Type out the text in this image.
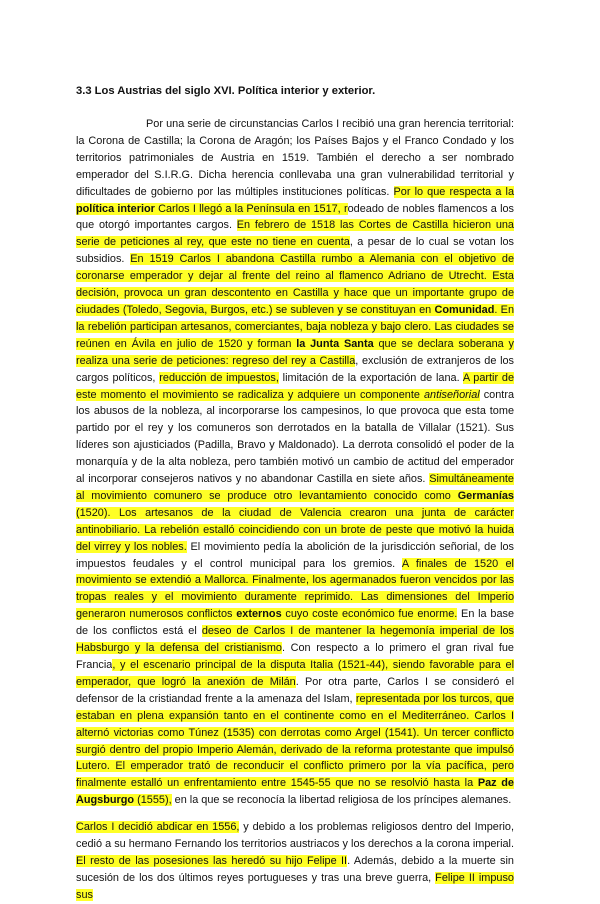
3.3 Los Austrias del siglo XVI. Política interior y exterior.

Por una serie de circunstancias Carlos I recibió una gran herencia territorial: la Corona de Castilla; la Corona de Aragón; los Países Bajos y el Franco Condado y los territorios patrimoniales de Austria en 1519. También el derecho a ser nombrado emperador del S.I.R.G. Dicha herencia conllevaba una gran vulnerabilidad territorial y dificultades de gobierno por las múltiples instituciones políticas. Por lo que respecta a la política interior Carlos I llegó a la Península en 1517, rodeado de nobles flamencos a los que otorgó importantes cargos. En febrero de 1518 las Cortes de Castilla hicieron una serie de peticiones al rey, que este no tiene en cuenta, a pesar de lo cual se votan los subsidios. En 1519 Carlos I abandona Castilla rumbo a Alemania con el objetivo de coronarse emperador y dejar al frente del reino al flamenco Adriano de Utrecht. Esta decisión, provoca un gran descontento en Castilla y hace que un importante grupo de ciudades (Toledo, Segovia, Burgos, etc.) se subleven y se constituyan en Comunidad. En la rebelión participan artesanos, comerciantes, baja nobleza y bajo clero. Las ciudades se reúnen en Ávila en julio de 1520 y forman la Junta Santa que se declara soberana y realiza una serie de peticiones: regreso del rey a Castilla, exclusión de extranjeros de los cargos políticos, reducción de impuestos, limitación de la exportación de lana. A partir de este momento el movimiento se radicaliza y adquiere un componente antiseñorial contra los abusos de la nobleza, al incorporarse los campesinos, lo que provoca que esta tome partido por el rey y los comuneros son derrotados en la batalla de Villalar (1521). Sus líderes son ajusticiados (Padilla, Bravo y Maldonado). La derrota consolidó el poder de la monarquía y de la alta nobleza, pero también motivó un cambio de actitud del emperador al incorporar consejeros nativos y no abandonar Castilla en siete años. Simultáneamente al movimiento comunero se produce otro levantamiento conocido como Germanías (1520). Los artesanos de la ciudad de Valencia crearon una junta de carácter antinobiliario. La rebelión estalló coincidiendo con un brote de peste que motivó la huida del virrey y los nobles. El movimiento pedía la abolición de la jurisdicción señorial, de los impuestos feudales y el control municipal para los gremios. A finales de 1520 el movimiento se extendió a Mallorca. Finalmente, los agermanados fueron vencidos por las tropas reales y el movimiento duramente reprimido. Las dimensiones del Imperio generaron numerosos conflictos externos cuyo coste económico fue enorme. En la base de los conflictos está el deseo de Carlos I de mantener la hegemonía imperial de los Habsburgo y la defensa del cristianismo. Con respecto a lo primero el gran rival fue Francia, y el escenario principal de la disputa Italia (1521-44), siendo favorable para el emperador, que logró la anexión de Milán. Por otra parte, Carlos I se consideró el defensor de la cristiandad frente a la amenaza del Islam, representada por los turcos, que estaban en plena expansión tanto en el continente como en el Mediterráneo. Carlos I alternó victorias como Túnez (1535) con derrotas como Argel (1541). Un tercer conflicto surgió dentro del propio Imperio Alemán, derivado de la reforma protestante que impulsó Lutero. El emperador trató de reconducir el conflicto primero por la vía pacífica, pero finalmente estalló un enfrentamiento entre 1545-55 que no se resolvió hasta la Paz de Augsburgo (1555), en la que se reconocía la libertad religiosa de los príncipes alemanes.

Carlos I decidió abdicar en 1556, y debido a los problemas religiosos dentro del Imperio, cedió a su hermano Fernando los territorios austriacos y los derechos a la corona imperial. El resto de las posesiones las heredó su hijo Felipe II. Además, debido a la muerte sin sucesión de los dos últimos reyes portugueses y tras una breve guerra, Felipe II impuso sus
